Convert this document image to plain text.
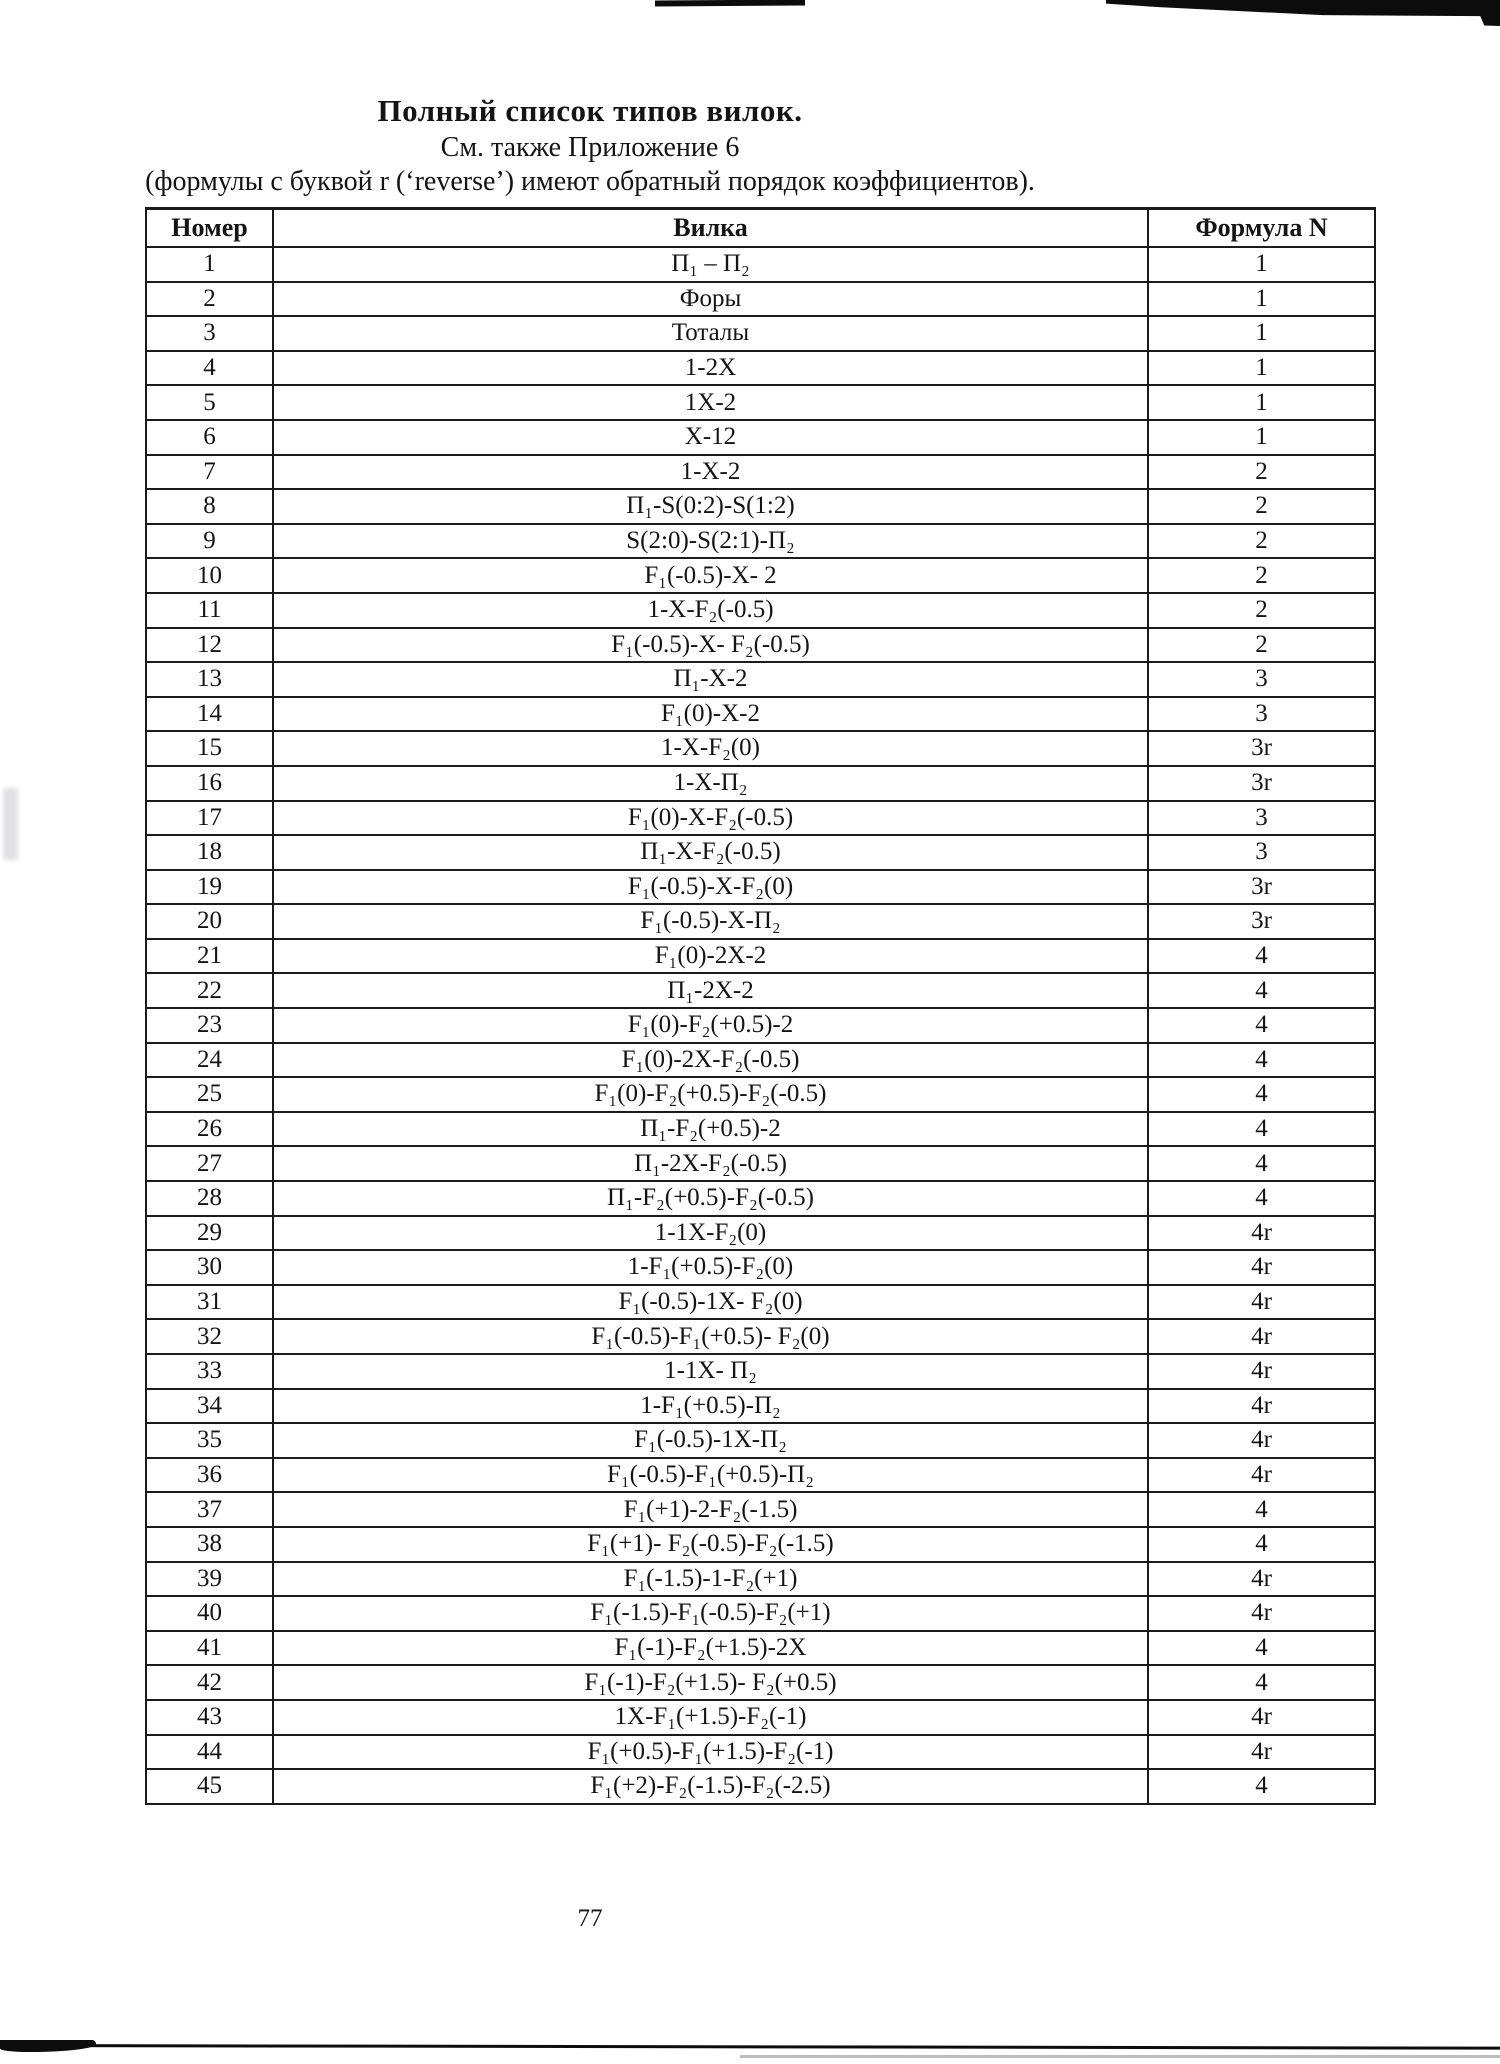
Полный список типов вилок.
См. также Приложение 6
(формулы с буквой r (‘reverse’) имеют обратный порядок коэффициентов).
Номер	Вилка	Формула N
1	П₁ – П₂	1
2	Форы	1
3	Тоталы	1
4	1-2X	1
5	1X-2	1
6	X-12	1
7	1-X-2	2
8	П₁-S(0:2)-S(1:2)	2
9	S(2:0)-S(2:1)-П₂	2
10	F₁(-0.5)-X- 2	2
11	1-X-F₂(-0.5)	2
12	F₁(-0.5)-X- F₂(-0.5)	2
13	П₁-X-2	3
14	F₁(0)-X-2	3
15	1-X-F₂(0)	3r
16	1-X-П₂	3r
17	F₁(0)-X-F₂(-0.5)	3
18	П₁-X-F₂(-0.5)	3
19	F₁(-0.5)-X-F₂(0)	3r
20	F₁(-0.5)-X-П₂	3r
21	F₁(0)-2X-2	4
22	П₁-2X-2	4
23	F₁(0)-F₂(+0.5)-2	4
24	F₁(0)-2X-F₂(-0.5)	4
25	F₁(0)-F₂(+0.5)-F₂(-0.5)	4
26	П₁-F₂(+0.5)-2	4
27	П₁-2X-F₂(-0.5)	4
28	П₁-F₂(+0.5)-F₂(-0.5)	4
29	1-1X-F₂(0)	4r
30	1-F₁(+0.5)-F₂(0)	4r
31	F₁(-0.5)-1X- F₂(0)	4r
32	F₁(-0.5)-F₁(+0.5)- F₂(0)	4r
33	1-1X- П₂	4r
34	1-F₁(+0.5)-П₂	4r
35	F₁(-0.5)-1X-П₂	4r
36	F₁(-0.5)-F₁(+0.5)-П₂	4r
37	F₁(+1)-2-F₂(-1.5)	4
38	F₁(+1)- F₂(-0.5)-F₂(-1.5)	4
39	F₁(-1.5)-1-F₂(+1)	4r
40	F₁(-1.5)-F₁(-0.5)-F₂(+1)	4r
41	F₁(-1)-F₂(+1.5)-2X	4
42	F₁(-1)-F₂(+1.5)- F₂(+0.5)	4
43	1X-F₁(+1.5)-F₂(-1)	4r
44	F₁(+0.5)-F₁(+1.5)-F₂(-1)	4r
45	F₁(+2)-F₂(-1.5)-F₂(-2.5)	4
77
